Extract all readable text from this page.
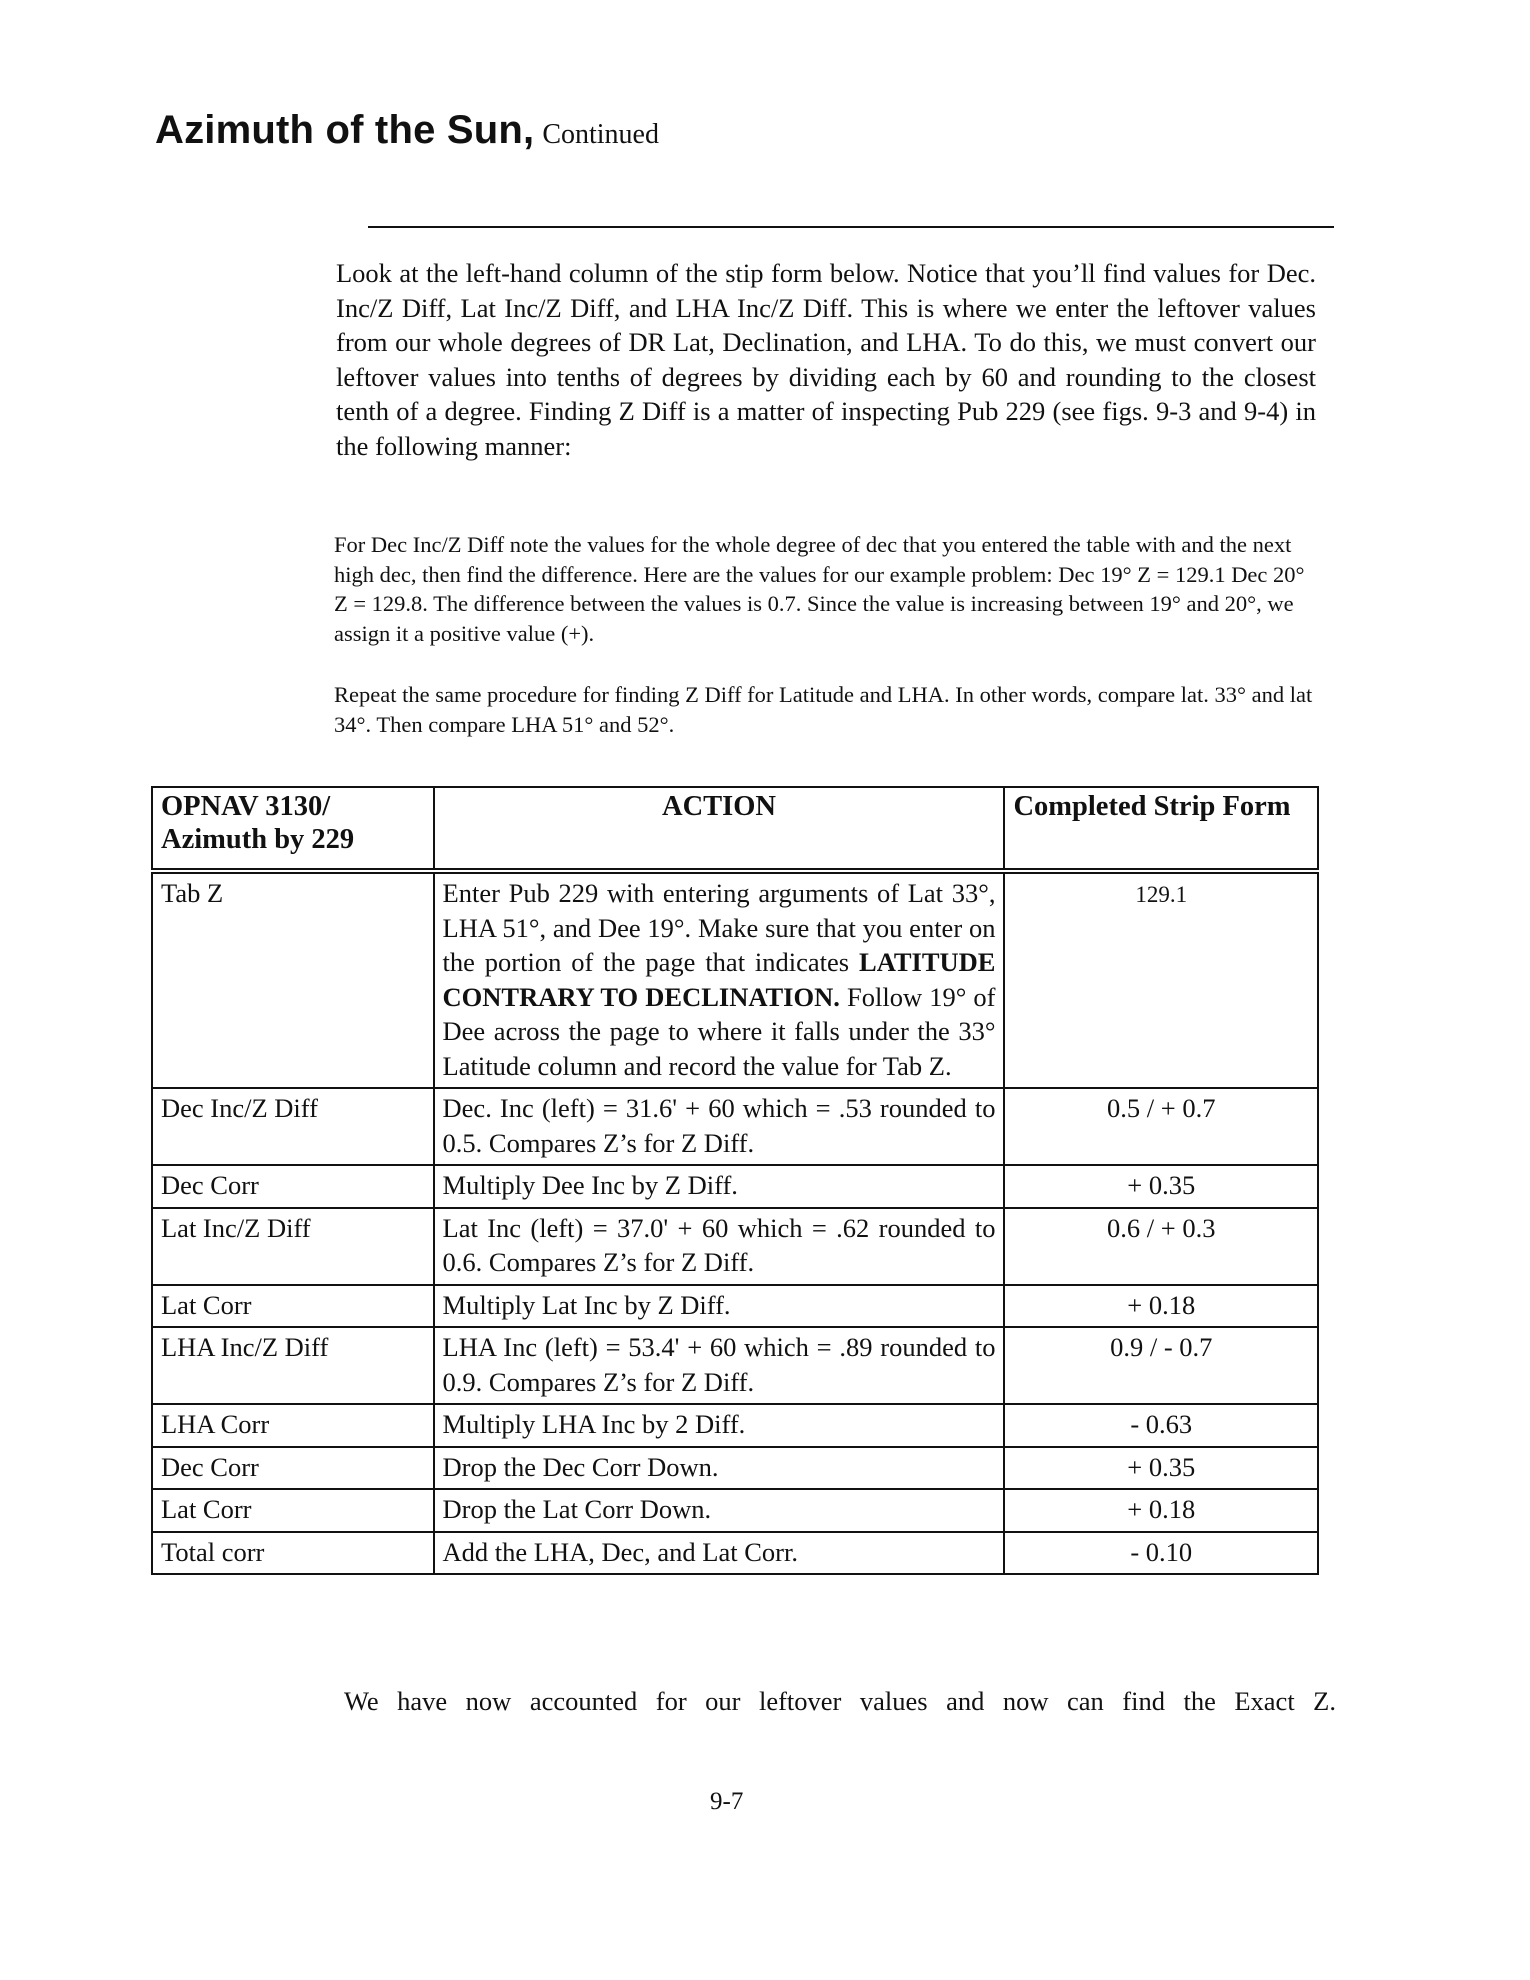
Azimuth of the Sun, Continued

Look at the left-hand column of the stip form below. Notice that you’ll find values for Dec. Inc/Z Diff, Lat Inc/Z Diff, and LHA Inc/Z Diff. This is where we enter the leftover values from our whole degrees of DR Lat, Declination, and LHA. To do this, we must convert our leftover values into tenths of degrees by dividing each by 60 and rounding to the closest tenth of a degree. Finding Z Diff is a matter of inspecting Pub 229 (see figs. 9-3 and 9-4) in the following manner:

For Dec Inc/Z Diff note the values for the whole degree of dec that you entered the table with and the next high dec, then find the difference. Here are the values for our example problem: Dec 19° Z = 129.1 Dec 20° Z = 129.8. The difference between the values is 0.7. Since the value is increasing between 19° and 20°, we assign it a positive value (+).

Repeat the same procedure for finding Z Diff for Latitude and LHA. In other words, compare lat. 33° and lat 34°. Then compare LHA 51° and 52°.

OPNAV 3130/
Azimuth by 229	ACTION	Completed Strip Form
Tab Z	Enter Pub 229 with entering arguments of Lat 33°, LHA 51°, and Dee 19°. Make sure that you enter on the portion of the page that indicates LATITUDE CONTRARY TO DECLINATION. Follow 19° of Dee across the page to where it falls under the 33° Latitude column and record the value for Tab Z.	129.1
Dec Inc/Z Diff	Dec. Inc (left) = 31.6' + 60 which = .53 rounded to 0.5. Compares Z’s for Z Diff.	0.5 / + 0.7
Dec Corr	Multiply Dee Inc by Z Diff.	+ 0.35
Lat Inc/Z Diff	Lat Inc (left) = 37.0' + 60 which = .62 rounded to 0.6. Compares Z’s for Z Diff.	0.6 / + 0.3
Lat Corr	Multiply Lat Inc by Z Diff.	+ 0.18
LHA Inc/Z Diff	LHA Inc (left) = 53.4' + 60 which = .89 rounded to 0.9. Compares Z’s for Z Diff.	0.9 / - 0.7
LHA Corr	Multiply LHA Inc by 2 Diff.	- 0.63
Dec Corr	Drop the Dec Corr Down.	+ 0.35
Lat Corr	Drop the Lat Corr Down.	+ 0.18
Total corr	Add the LHA, Dec, and Lat Corr.	- 0.10

We have now accounted for our leftover values and now can find the Exact Z.

9-7
